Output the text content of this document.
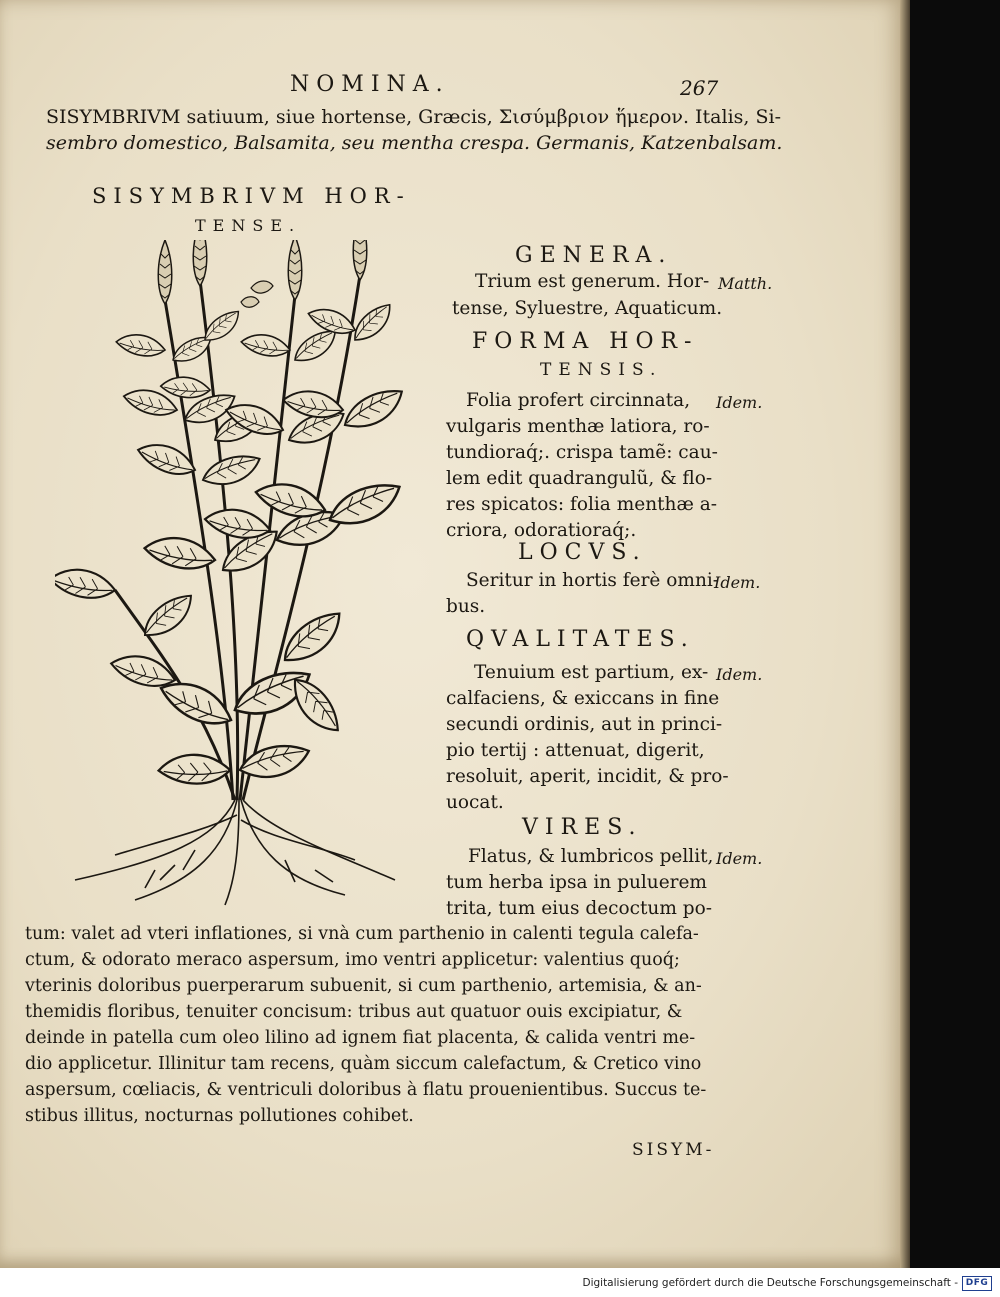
NOMINA.	267
SISYMBRIVM satiuum, siue hortense, Græcis, Σισύμβριον ἥμερον. Italis, Si-
sembro domestico, Balsamita, seu mentha crespa. Germanis, Katzenbalsam.
SISYMBRIVM HOR-
TENSE.
GENERA.
Trium est generum. Hor-
tense, Syluestre, Aquaticum.
Matth.
FORMA HOR-
TENSIS.
Folia profert circinnata,
vulgaris menthæ latiora, ro-
tundioraq́;. crispa tamẽ: cau-
lem edit quadrangulũ, & flo-
res spicatos: folia menthæ a-
criora, odoratioraq́;.
Idem.
LOCVS.
Seritur in hortis ferè omni-
bus.
Idem.
QVALITATES.
Tenuium est partium, ex-
calfaciens, & exiccans in fine
secundi ordinis, aut in princi-
pio tertij : attenuat, digerit,
resoluit, aperit, incidit, & pro-
uocat.
Idem.
VIRES.
Flatus, & lumbricos pellit,
tum herba ipsa in puluerem
trita, tum eius decoctum po-
Idem.
tum: valet ad vteri inflationes, si vnà cum parthenio in calenti tegula calefa-
ctum, & odorato meraco aspersum, imo ventri applicetur: valentius quoq́;
vterinis doloribus puerperarum subuenit, si cum parthenio, artemisia, & an-
themidis floribus, tenuiter concisum: tribus aut quatuor ouis excipiatur, &
deinde in patella cum oleo lilino ad ignem fiat placenta, & calida ventri me-
dio applicetur. Illinitur tam recens, quàm siccum calefactum, & Cretico vino
aspersum, cœliacis, & ventriculi doloribus à flatu prouenientibus. Succus te-
stibus illitus, nocturnas pollutiones cohibet.
SISYM-
Digitalisierung gefördert durch die Deutsche Forschungsgemeinschaft - DFG
